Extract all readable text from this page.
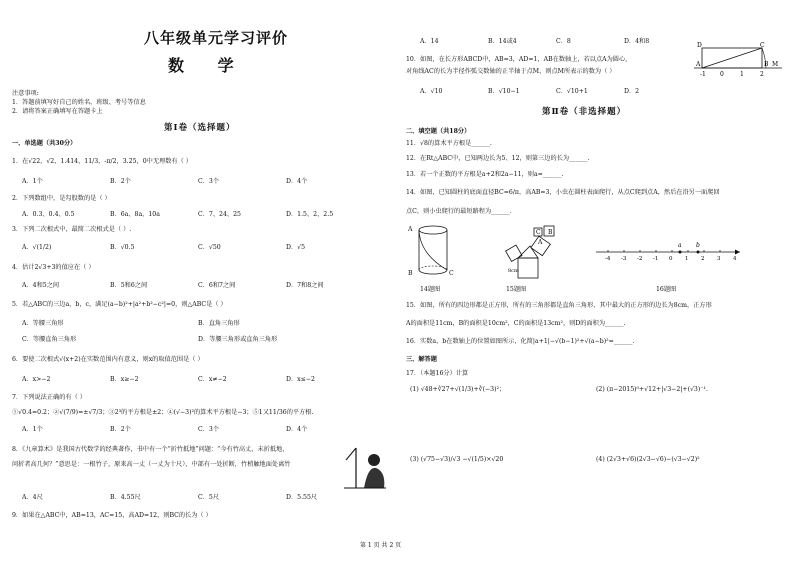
八年级单元学习评价
数 学
注意事项:
1．答题前填写好自己的姓名、班级、考号等信息
2．请将答案正确填写在答题卡上
第Ⅰ卷（选择题）
一、单选题（共30分）
1．在√22，√2，1.414，11/3，-π/2，3.2̇5，0中无理数有（ ）
A．1个	B．2个	C．3个	D．4个
2．下列数组中，是勾股数的是（ ）
A．0.3、0.4、0.5	B．6a、8a、10a	C．7、24、25	D．1.5、2、2.5
3．下列二次根式中，最简二次根式是（ ）.
A．√(1/2)	B．√0.5	C．√50	D．√5
4．估计2√3+3的值应在（ ）
A．4和5之间	B．5和6之间	C．6和7之间	D．7和8之间
5．若△ABC的三边a，b，c，满足(a−b)²+|a²+b²−c²|=0，则△ABC是（ ）
A．等腰三角形	B．直角三角形
C．等腰直角三角形	D．等腰三角形或直角三角形
6．要使二次根式√(x+2)在实数范围内有意义，则x的取值范围是（ ）
A．x>−2	B．x≥−2	C．x≠−2	D．x≤−2
7．下列说法正确的有（ ）
①√0.4=0.2；②√(7/9)=±√7/3；③2³的平方根是±2；④(√−3)²的算术平方根是−3；⑤1又11/36的平方根.
A．1个	B．2个	C．3个	D．4个
8．《九章算术》是我国古代数学的经典著作，书中有一个“折竹抵地”问题：“今有竹高丈，末折抵地，
问折者高几何？”意思是：一根竹子，原来高一丈（一丈为十尺），中部有一处折断，竹梢触地面处离竹
A．4尺	B．4.55尺	C．5尺	D．5.55尺
9．如果在△ABC中，AB=13，AC=15，高AD=12，则BC的长为（ ）
A．14	B．14或4	C．8	D．4和8
10．如图，在长方形ABCD中，AB=3，AD=1，AB在数轴上，若以点A为圆心，
对角线AC的长为半径作弧交数轴的正半轴于点M，则点M所表示的数为（ ）
A．√10	B．√10−1	C．√10+1	D．2
D	C
A	B M
-1 0	1	2
第Ⅱ卷（非选择题）
二、填空题（共18分）
11．√8的算术平方根是______.
12．在Rt△ABC中，已知两边长为5、12，则第三边的长为______.
13．若一个正数的平方根是a+2和2a−11，则a=______.
14．如图，已知圆柱的底面直径BC=6/π，高AB=3，小虫在圆柱表面爬行，从点C爬到点A，然后在沿另一面爬回
点C，则小虫爬行的最短路程为______.
A
B	C
A
B
C
8cm
-4 -3 -2 -1 0 1 2 3 4
a b
14题图	15题图	16题图
15．如图，所有的四边形都是正方形，所有的三角形都是直角三角形，其中最大的正方形的边长为8cm，正方形
A的面积是11cm，B的面积是10cm²，C的面积是13cm²，则D的面积为______.
16．实数a，b在数轴上的位置如图所示，化简|a+1|−√(b−1)²+√(a−b)²=______.
三、解答题
17．（本题16分）计算
(1) √48+∛27+√(1/3)+∛(−3)²；	(2) (π−2015)⁰+√12+|√3−2|+(√3)⁻¹.
(3) (√75−√3)/√3 −√(1/5)×√20	(4) (2√3+√6)(2√3−√6)−(√3−√2)²
第 1 页 共 2 页
